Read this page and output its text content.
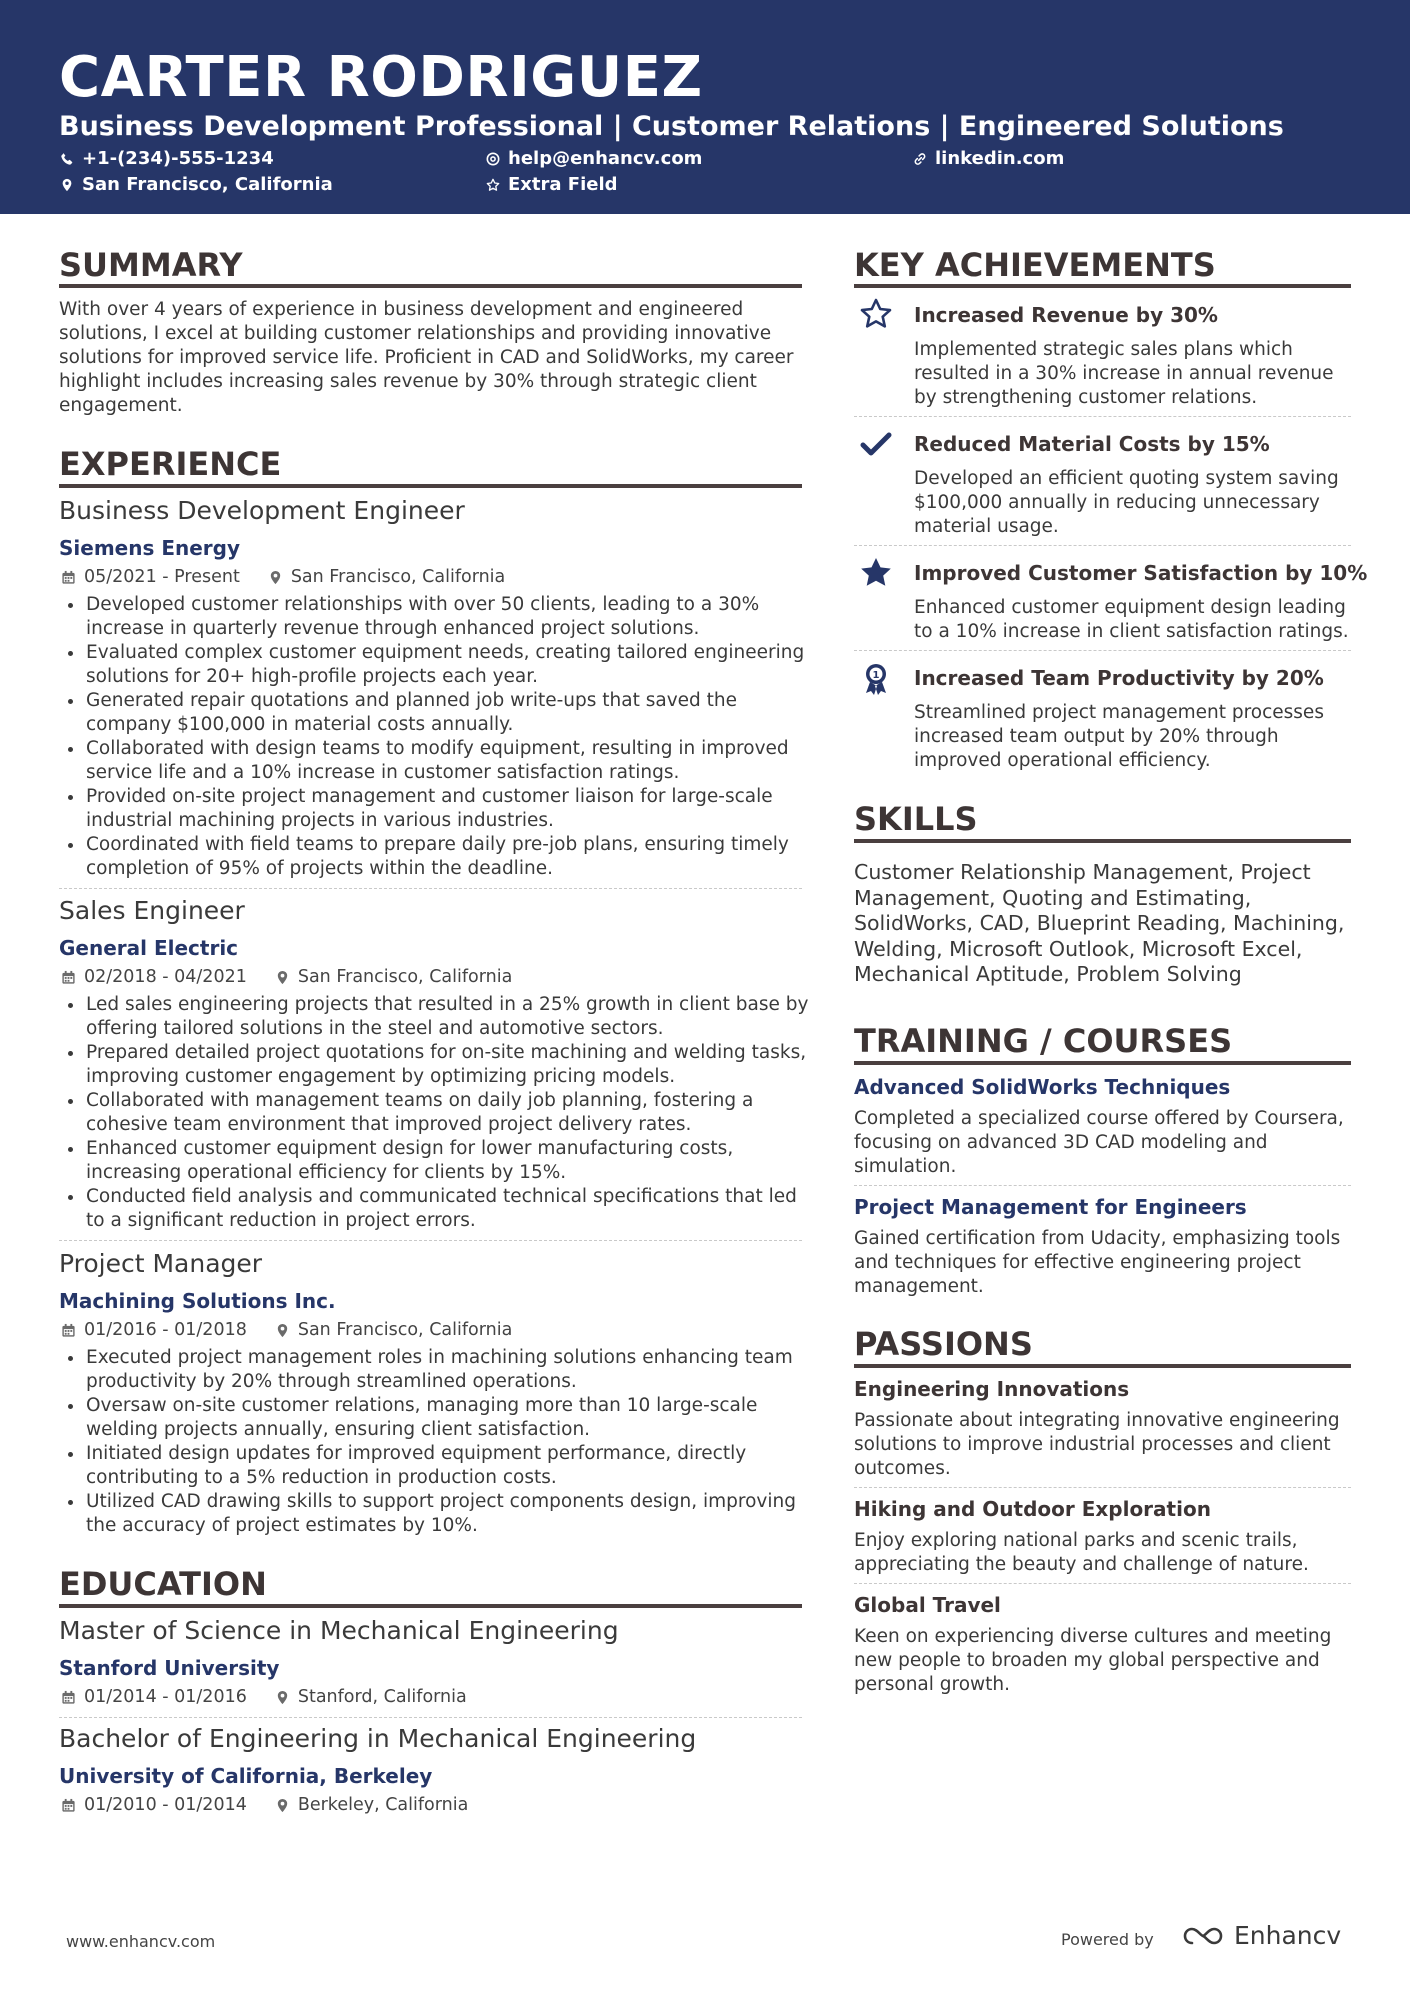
CARTER RODRIGUEZ
Business Development Professional | Customer Relations | Engineered Solutions
+1-(234)-555-1234	help@enhancv.com	linkedin.com
San Francisco, California	Extra Field
SUMMARY
With over 4 years of experience in business development and engineered solutions, I excel at building customer relationships and providing innovative solutions for improved service life. Proficient in CAD and SolidWorks, my career highlight includes increasing sales revenue by 30% through strategic client engagement.
EXPERIENCE
Business Development Engineer
Siemens Energy
05/2021 - Present	San Francisco, California
Developed customer relationships with over 50 clients, leading to a 30% increase in quarterly revenue through enhanced project solutions.
Evaluated complex customer equipment needs, creating tailored engineering solutions for 20+ high-profile projects each year.
Generated repair quotations and planned job write-ups that saved the company $100,000 in material costs annually.
Collaborated with design teams to modify equipment, resulting in improved service life and a 10% increase in customer satisfaction ratings.
Provided on-site project management and customer liaison for large-scale industrial machining projects in various industries.
Coordinated with field teams to prepare daily pre-job plans, ensuring timely completion of 95% of projects within the deadline.
Sales Engineer
General Electric
02/2018 - 04/2021	San Francisco, California
Led sales engineering projects that resulted in a 25% growth in client base by offering tailored solutions in the steel and automotive sectors.
Prepared detailed project quotations for on-site machining and welding tasks, improving customer engagement by optimizing pricing models.
Collaborated with management teams on daily job planning, fostering a cohesive team environment that improved project delivery rates.
Enhanced customer equipment design for lower manufacturing costs, increasing operational efficiency for clients by 15%.
Conducted field analysis and communicated technical specifications that led to a significant reduction in project errors.
Project Manager
Machining Solutions Inc.
01/2016 - 01/2018	San Francisco, California
Executed project management roles in machining solutions enhancing team productivity by 20% through streamlined operations.
Oversaw on-site customer relations, managing more than 10 large-scale welding projects annually, ensuring client satisfaction.
Initiated design updates for improved equipment performance, directly contributing to a 5% reduction in production costs.
Utilized CAD drawing skills to support project components design, improving the accuracy of project estimates by 10%.
EDUCATION
Master of Science in Mechanical Engineering
Stanford University
01/2014 - 01/2016	Stanford, California
Bachelor of Engineering in Mechanical Engineering
University of California, Berkeley
01/2010 - 01/2014	Berkeley, California
KEY ACHIEVEMENTS
Increased Revenue by 30%
Implemented strategic sales plans which resulted in a 30% increase in annual revenue by strengthening customer relations.
Reduced Material Costs by 15%
Developed an efficient quoting system saving $100,000 annually in reducing unnecessary material usage.
Improved Customer Satisfaction by 10%
Enhanced customer equipment design leading to a 10% increase in client satisfaction ratings.
1 Increased Team Productivity by 20%
Streamlined project management processes increased team output by 20% through improved operational efficiency.
SKILLS
Customer Relationship Management, Project Management, Quoting and Estimating, SolidWorks, CAD, Blueprint Reading, Machining, Welding, Microsoft Outlook, Microsoft Excel, Mechanical Aptitude, Problem Solving
TRAINING / COURSES
Advanced SolidWorks Techniques
Completed a specialized course offered by Coursera, focusing on advanced 3D CAD modeling and simulation.
Project Management for Engineers
Gained certification from Udacity, emphasizing tools and techniques for effective engineering project management.
PASSIONS
Engineering Innovations
Passionate about integrating innovative engineering solutions to improve industrial processes and client outcomes.
Hiking and Outdoor Exploration
Enjoy exploring national parks and scenic trails, appreciating the beauty and challenge of nature.
Global Travel
Keen on experiencing diverse cultures and meeting new people to broaden my global perspective and personal growth.
www.enhancv.com	Powered by	Enhancv
